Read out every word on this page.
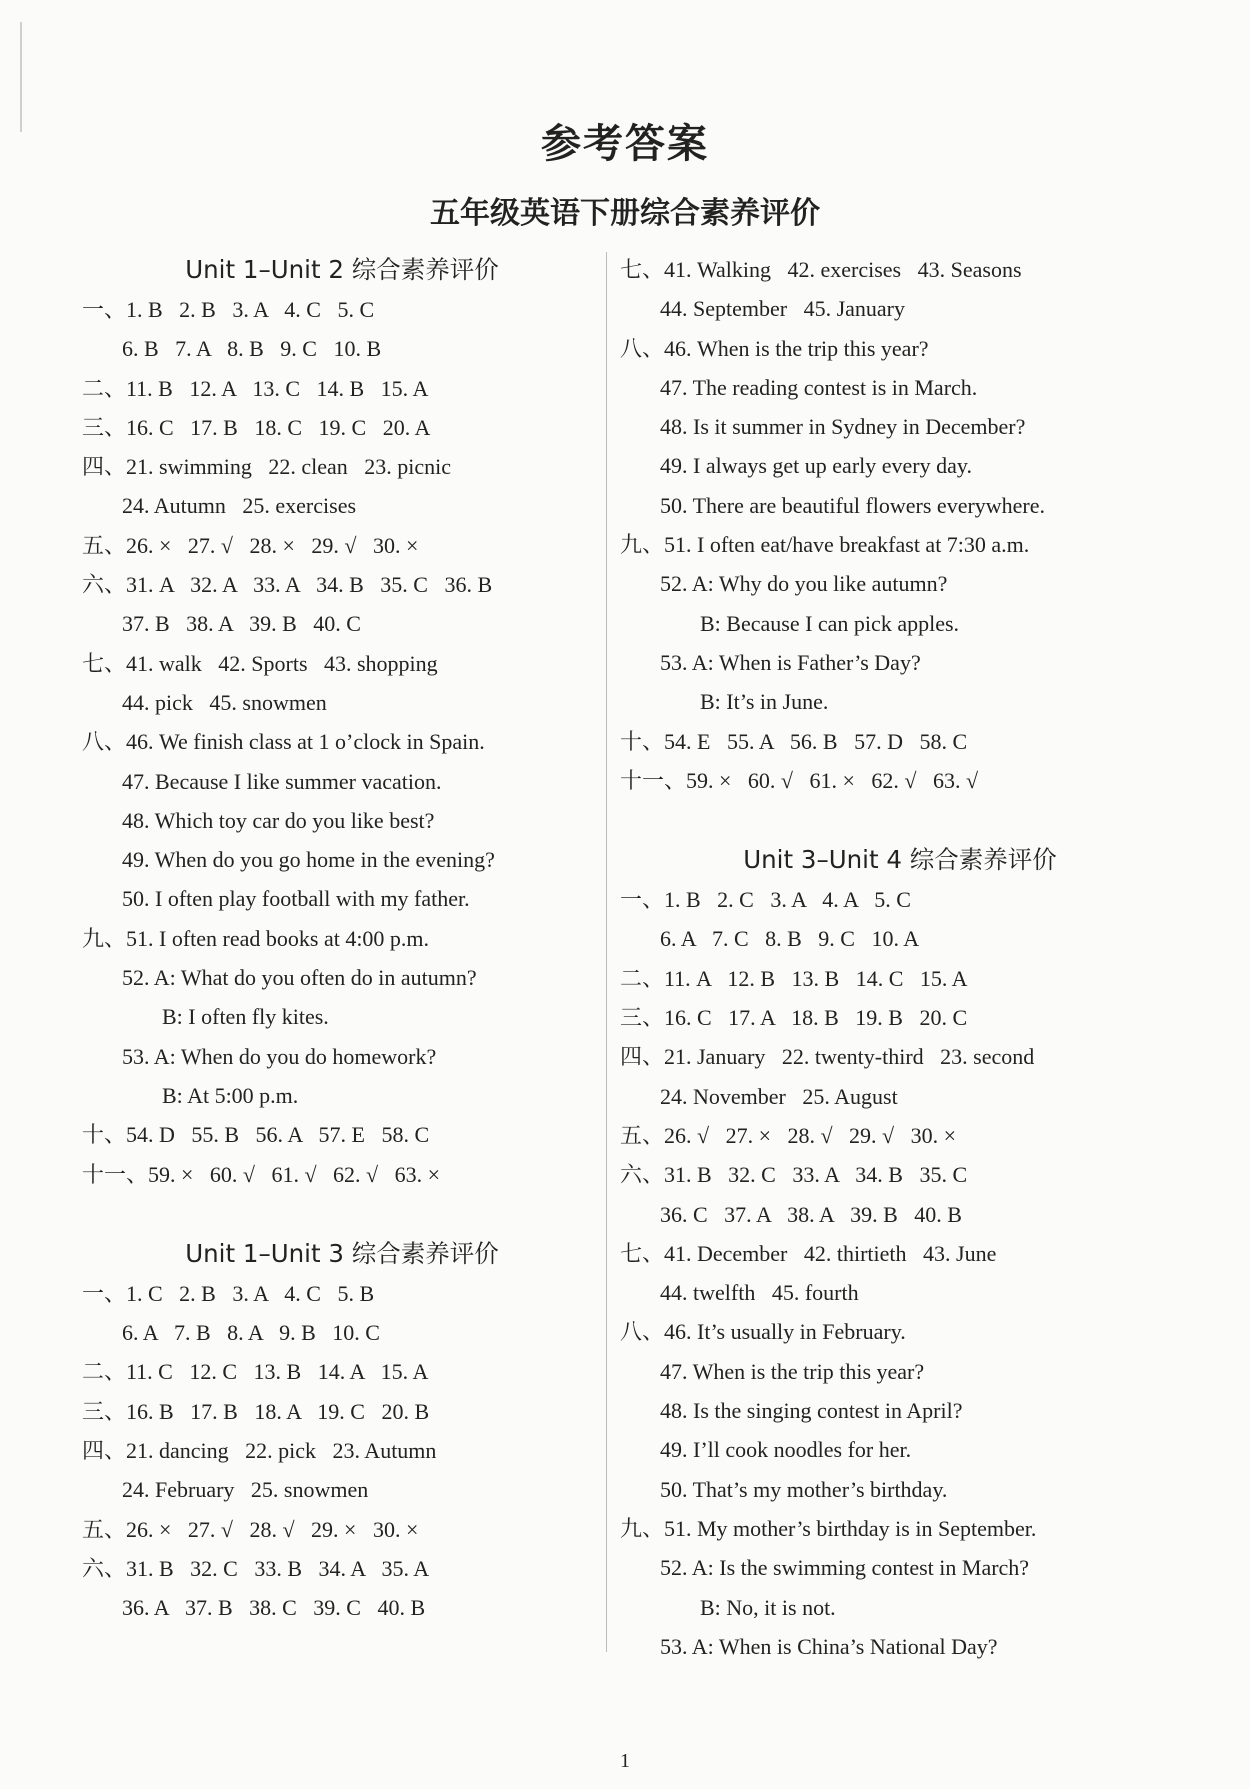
参考答案
五年级英语下册综合素养评价
Unit 1–Unit 2 综合素养评价
一、1. B   2. B   3. A   4. C   5. C
6. B   7. A   8. B   9. C   10. B
二、11. B   12. A   13. C   14. B   15. A
三、16. C   17. B   18. C   19. C   20. A
四、21. swimming   22. clean   23. picnic
24. Autumn   25. exercises
五、26. ×   27. √   28. ×   29. √   30. ×
六、31. A   32. A   33. A   34. B   35. C   36. B
37. B   38. A   39. B   40. C
七、41. walk   42. Sports   43. shopping
44. pick   45. snowmen
八、46. We finish class at 1 o’clock in Spain.
47. Because I like summer vacation.
48. Which toy car do you like best?
49. When do you go home in the evening?
50. I often play football with my father.
九、51. I often read books at 4:00 p.m.
52. A: What do you often do in autumn?
B: I often fly kites.
53. A: When do you do homework?
B: At 5:00 p.m.
十、54. D   55. B   56. A   57. E   58. C
十一、59. ×   60. √   61. √   62. √   63. ×
Unit 1–Unit 3 综合素养评价
一、1. C   2. B   3. A   4. C   5. B
6. A   7. B   8. A   9. B   10. C
二、11. C   12. C   13. B   14. A   15. A
三、16. B   17. B   18. A   19. C   20. B
四、21. dancing   22. pick   23. Autumn
24. February   25. snowmen
五、26. ×   27. √   28. √   29. ×   30. ×
六、31. B   32. C   33. B   34. A   35. A
36. A   37. B   38. C   39. C   40. B
七、41. Walking   42. exercises   43. Seasons
44. September   45. January
八、46. When is the trip this year?
47. The reading contest is in March.
48. Is it summer in Sydney in December?
49. I always get up early every day.
50. There are beautiful flowers everywhere.
九、51. I often eat/have breakfast at 7:30 a.m.
52. A: Why do you like autumn?
B: Because I can pick apples.
53. A: When is Father’s Day?
B: It’s in June.
十、54. E   55. A   56. B   57. D   58. C
十一、59. ×   60. √   61. ×   62. √   63. √
Unit 3–Unit 4 综合素养评价
一、1. B   2. C   3. A   4. A   5. C
6. A   7. C   8. B   9. C   10. A
二、11. A   12. B   13. B   14. C   15. A
三、16. C   17. A   18. B   19. B   20. C
四、21. January   22. twenty-third   23. second
24. November   25. August
五、26. √   27. ×   28. √   29. √   30. ×
六、31. B   32. C   33. A   34. B   35. C
36. C   37. A   38. A   39. B   40. B
七、41. December   42. thirtieth   43. June
44. twelfth   45. fourth
八、46. It’s usually in February.
47. When is the trip this year?
48. Is the singing contest in April?
49. I’ll cook noodles for her.
50. That’s my mother’s birthday.
九、51. My mother’s birthday is in September.
52. A: Is the swimming contest in March?
B: No, it is not.
53. A: When is China’s National Day?
1
